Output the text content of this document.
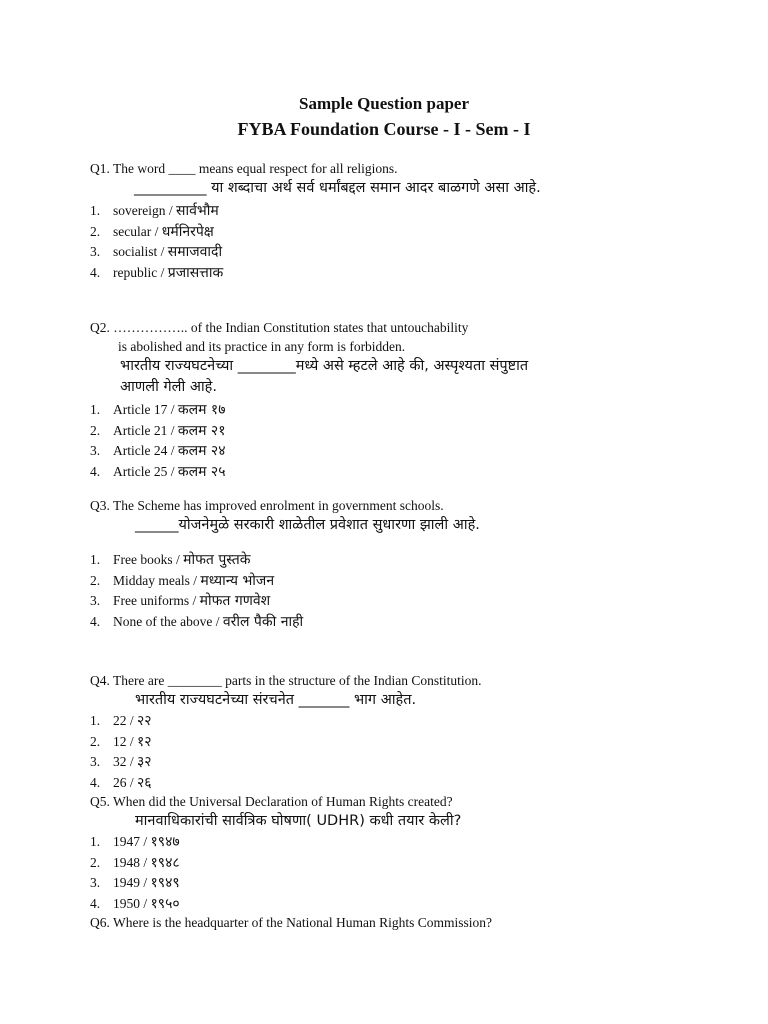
Sample Question paper
FYBA Foundation Course - I - Sem - I
Q1. The word ____ means equal respect for all religions.
__________ या शब्दाचा अर्थ सर्व धर्मांबद्दल समान आदर बाळगणे असा आहे.
1. sovereign / सार्वभौम
2. secular / धर्मनिरपेक्ष
3. socialist / समाजवादी
4. republic / प्रजासत्ताक
Q2. …………….. of the Indian Constitution states that untouchability
is abolished and its practice in any form is forbidden.
भारतीय राज्यघटनेच्या ________मध्ये असे म्हटले आहे की, अस्पृश्यता संपुष्टात आणली गेली आहे.
1. Article 17 / कलम १७
2. Article 21 / कलम २१
3. Article 24 / कलम २४
4. Article 25 / कलम २५
Q3. The Scheme has improved enrolment in government schools.
______योजनेमुळे सरकारी शाळेतील प्रवेशात सुधारणा झाली आहे.
1. Free books / मोफत पुस्तके
2. Midday meals / मध्यान्य भोजन
3. Free uniforms / मोफत गणवेश
4. None of the above / वरील पैकी नाही
Q4. There are ________ parts in the structure of the Indian Constitution.
भारतीय राज्यघटनेच्या संरचनेत _______ भाग आहेत.
1. 22 / २२
2. 12 / १२
3. 32 / ३२
4. 26 / २६
Q5. When did the Universal Declaration of Human Rights created?
मानवाधिकारांची सार्वत्रिक घोषणा( UDHR) कधी तयार केली?
1. 1947 / १९४७
2. 1948 / १९४८
3. 1949 / १९४९
4. 1950 / १९५०
Q6. Where is the headquarter of the National Human Rights Commission?
